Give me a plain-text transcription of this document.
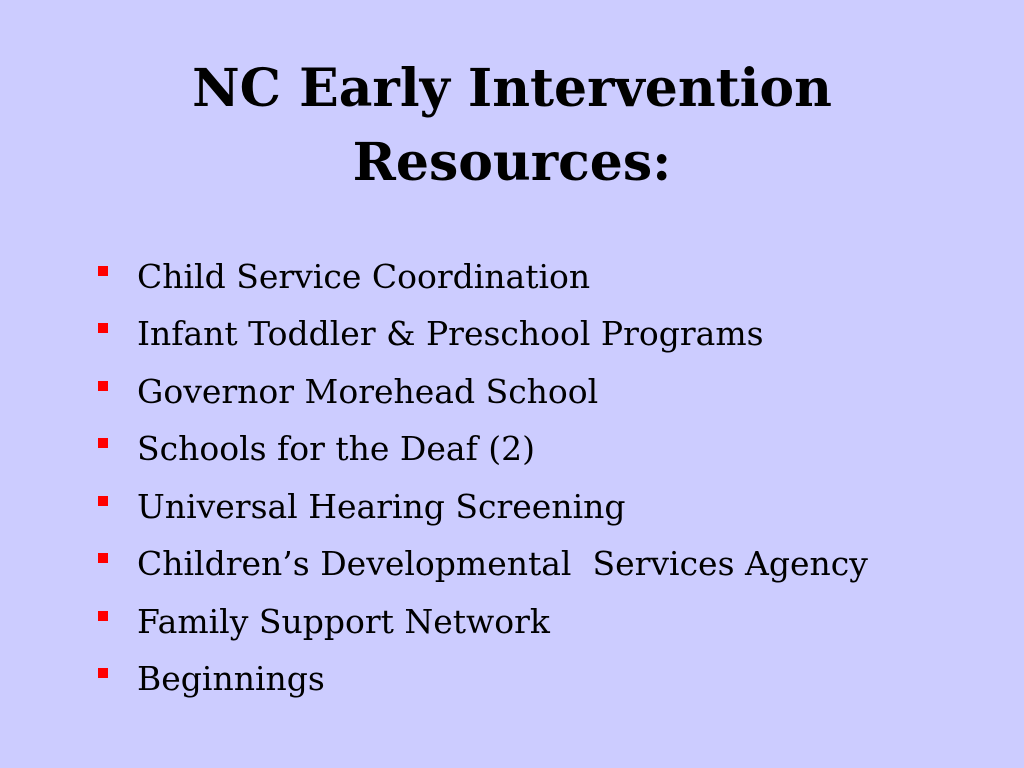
NC Early Intervention
Resources:
Child Service Coordination
Infant Toddler & Preschool Programs
Governor Morehead School
Schools for the Deaf (2)
Universal Hearing Screening
Children’s Developmental  Services Agency
Family Support Network
Beginnings
